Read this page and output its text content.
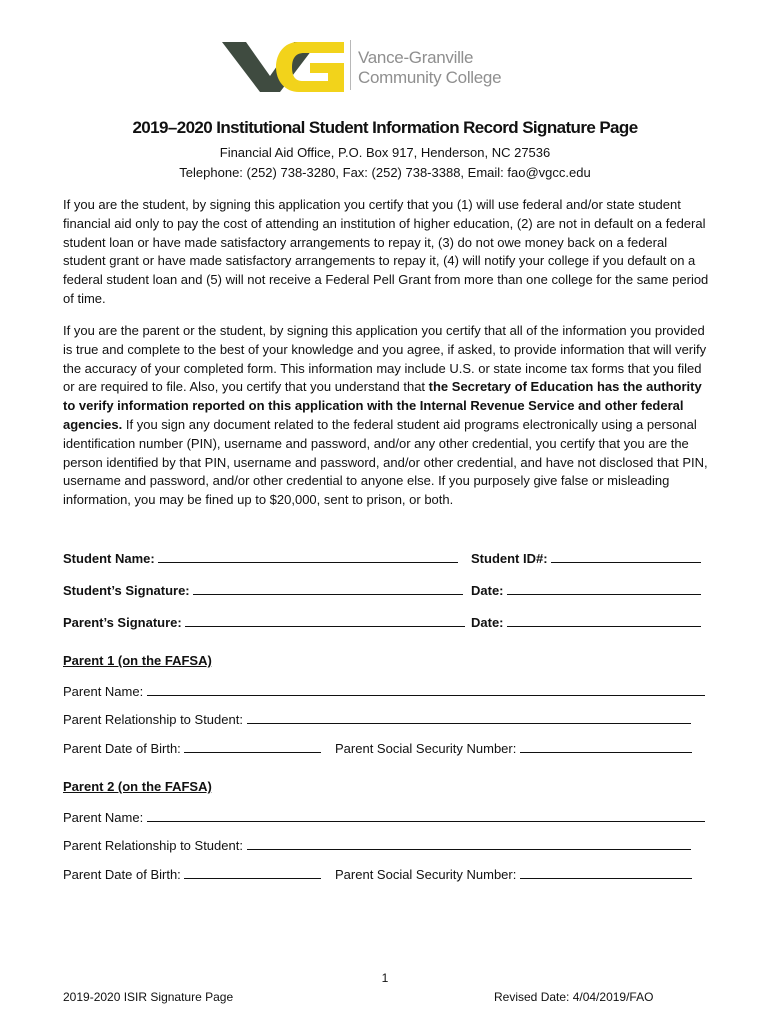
Vance-Granville
Community College
2019–2020 Institutional Student Information Record Signature Page
Financial Aid Office, P.O. Box 917, Henderson, NC 27536
Telephone: (252) 738-3280, Fax: (252) 738-3388, Email: fao@vgcc.edu
If you are the student, by signing this application you certify that you (1) will use federal and/or state student financial aid only to pay the cost of attending an institution of higher education, (2) are not in default on a federal student loan or have made satisfactory arrangements to repay it, (3) do not owe money back on a federal student grant or have made satisfactory arrangements to repay it, (4) will notify your college if you default on a federal student loan and (5) will not receive a Federal Pell Grant from more than one college for the same period of time.
If you are the parent or the student, by signing this application you certify that all of the information you provided is true and complete to the best of your knowledge and you agree, if asked, to provide information that will verify the accuracy of your completed form. This information may include U.S. or state income tax forms that you filed or are required to file. Also, you certify that you understand that the Secretary of Education has the authority to verify information reported on this application with the Internal Revenue Service and other federal agencies. If you sign any document related to the federal student aid programs electronically using a personal identification number (PIN), username and password, and/or any other credential, you certify that you are the person identified by that PIN, username and password, and/or other credential, and have not disclosed that PIN, username and password, and/or other credential to anyone else. If you purposely give false or misleading information, you may be fined up to $20,000, sent to prison, or both.
Student Name:	Student ID#:
Student’s Signature:	Date:
Parent’s Signature:	Date:
Parent 1 (on the FAFSA)
Parent Name:
Parent Relationship to Student:
Parent Date of Birth:	Parent Social Security Number:
Parent 2 (on the FAFSA)
Parent Name:
Parent Relationship to Student:
Parent Date of Birth:	Parent Social Security Number:
1
2019-2020 ISIR Signature Page	Revised Date: 4/04/2019/FAO
